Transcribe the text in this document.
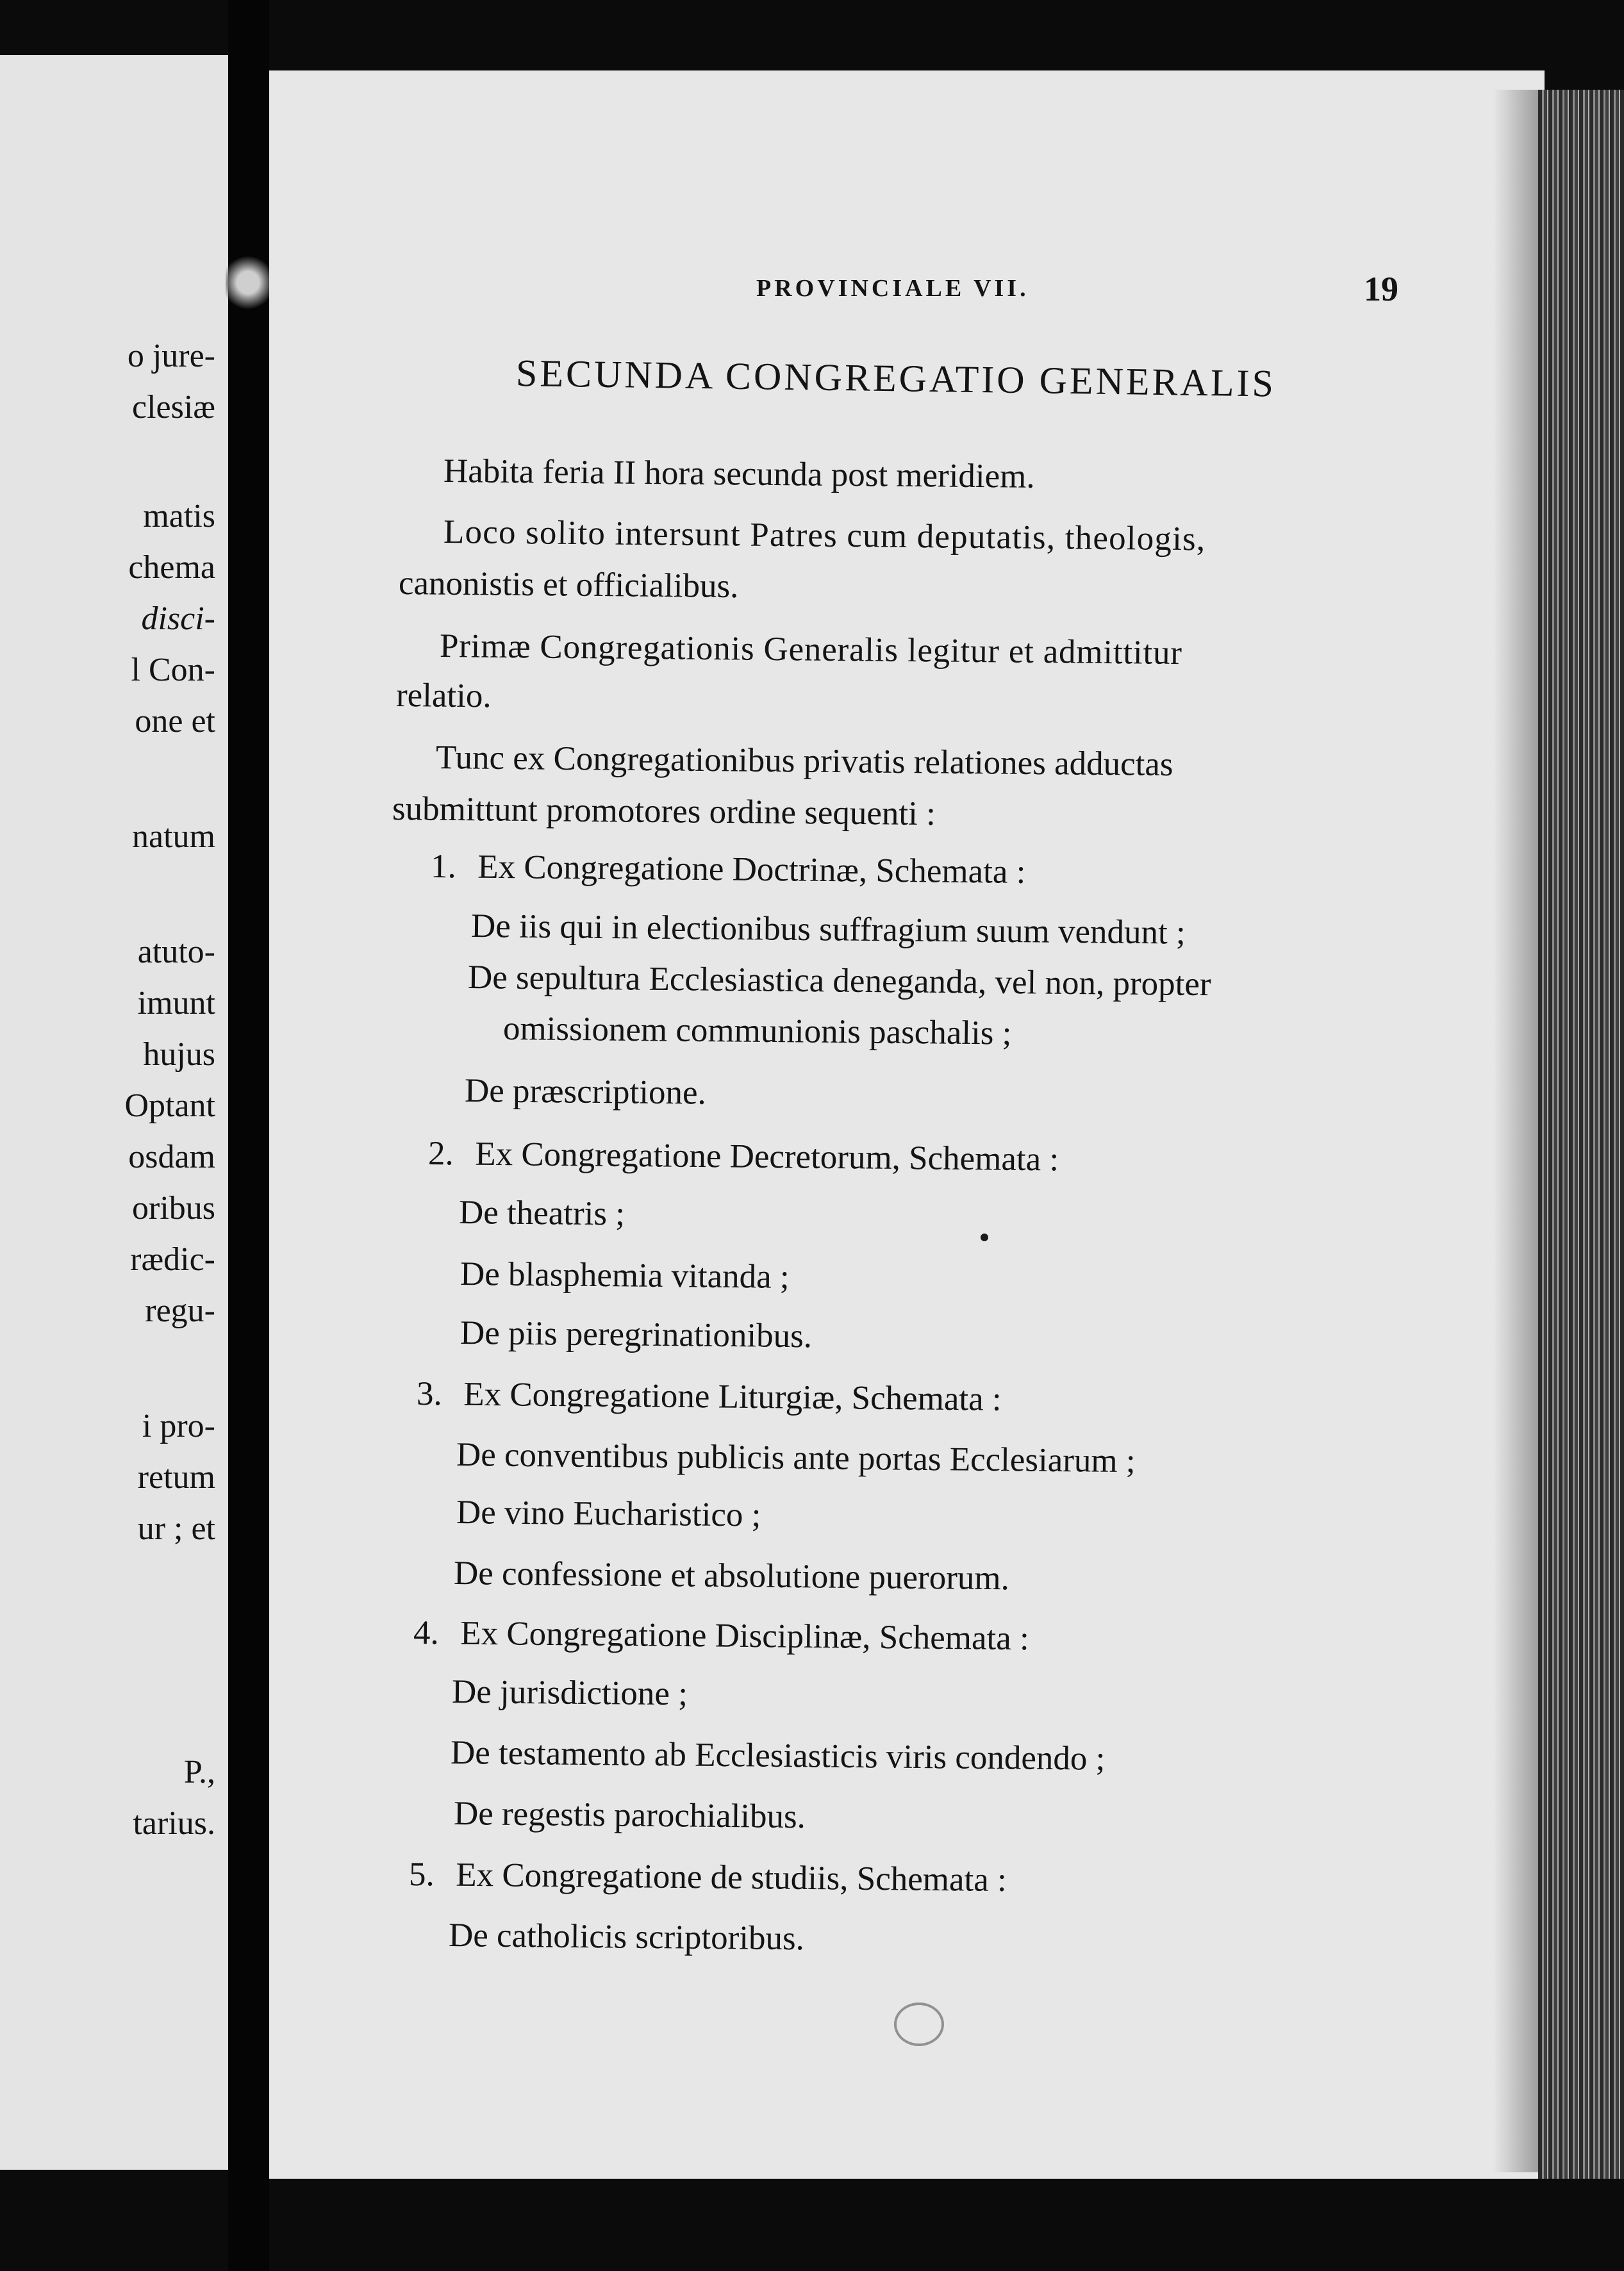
o jure-
clesiæ
matis
chema
disci-
l Con-
one et
natum
atuto-
imunt
hujus
Optant
osdam
oribus
rædic-
regu-
i pro-
retum
ur ; et
P.,
tarius.
PROVINCIALE VII.	19
SECUNDA CONGREGATIO GENERALIS
Habita feria II hora secunda post meridiem.
Loco solito intersunt Patres cum deputatis, theologis,
canonistis et officialibus.
Primæ Congregationis Generalis legitur et admittitur
relatio.
Tunc ex Congregationibus privatis relationes adductas
submittunt promotores ordine sequenti :
1. Ex Congregatione Doctrinæ, Schemata :
De iis qui in electionibus suffragium suum vendunt ;
De sepultura Ecclesiastica deneganda, vel non, propter
omissionem communionis paschalis ;
De præscriptione.
2. Ex Congregatione Decretorum, Schemata :
De theatris ;
De blasphemia vitanda ;
De piis peregrinationibus.
3. Ex Congregatione Liturgiæ, Schemata :
De conventibus publicis ante portas Ecclesiarum ;
De vino Eucharistico ;
De confessione et absolutione puerorum.
4. Ex Congregatione Disciplinæ, Schemata :
De jurisdictione ;
De testamento ab Ecclesiasticis viris condendo ;
De regestis parochialibus.
5. Ex Congregatione de studiis, Schemata :
De catholicis scriptoribus.
